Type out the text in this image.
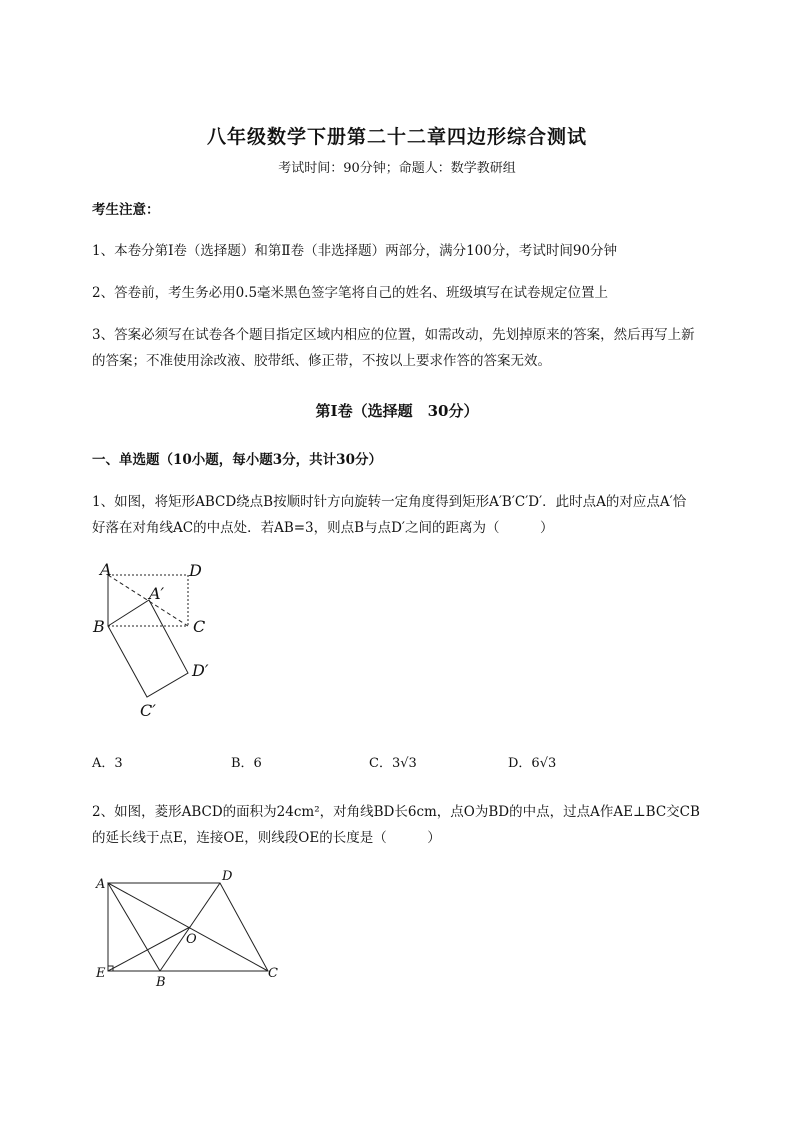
八年级数学下册第二十二章四边形综合测试
考试时间：90分钟；命题人：数学教研组
考生注意：
1、本卷分第I卷（选择题）和第Ⅱ卷（非选择题）两部分，满分100分，考试时间90分钟
2、答卷前，考生务必用0.5毫米黑色签字笔将自己的姓名、班级填写在试卷规定位置上
3、答案必须写在试卷各个题目指定区域内相应的位置，如需改动，先划掉原来的答案，然后再写上新
的答案；不准使用涂改液、胶带纸、修正带，不按以上要求作答的答案无效。
第I卷（选择题　30分）
一、单选题（10小题，每小题3分，共计30分）
1、如图，将矩形ABCD绕点B按顺时针方向旋转一定角度得到矩形A′B′C′D′．此时点A的对应点A′恰
好落在对角线AC的中点处．若AB=3，则点B与点D′之间的距离为（　　　）
A	D
A′
B	C
D′
C′
A．3	B．6	C．3√3	D．6√3
2、如图，菱形ABCD的面积为24cm²，对角线BD长6cm，点O为BD的中点，过点A作AE⊥BC交CB
的延长线于点E，连接OE，则线段OE的长度是（　　　）
A
D
O
E
B
C
